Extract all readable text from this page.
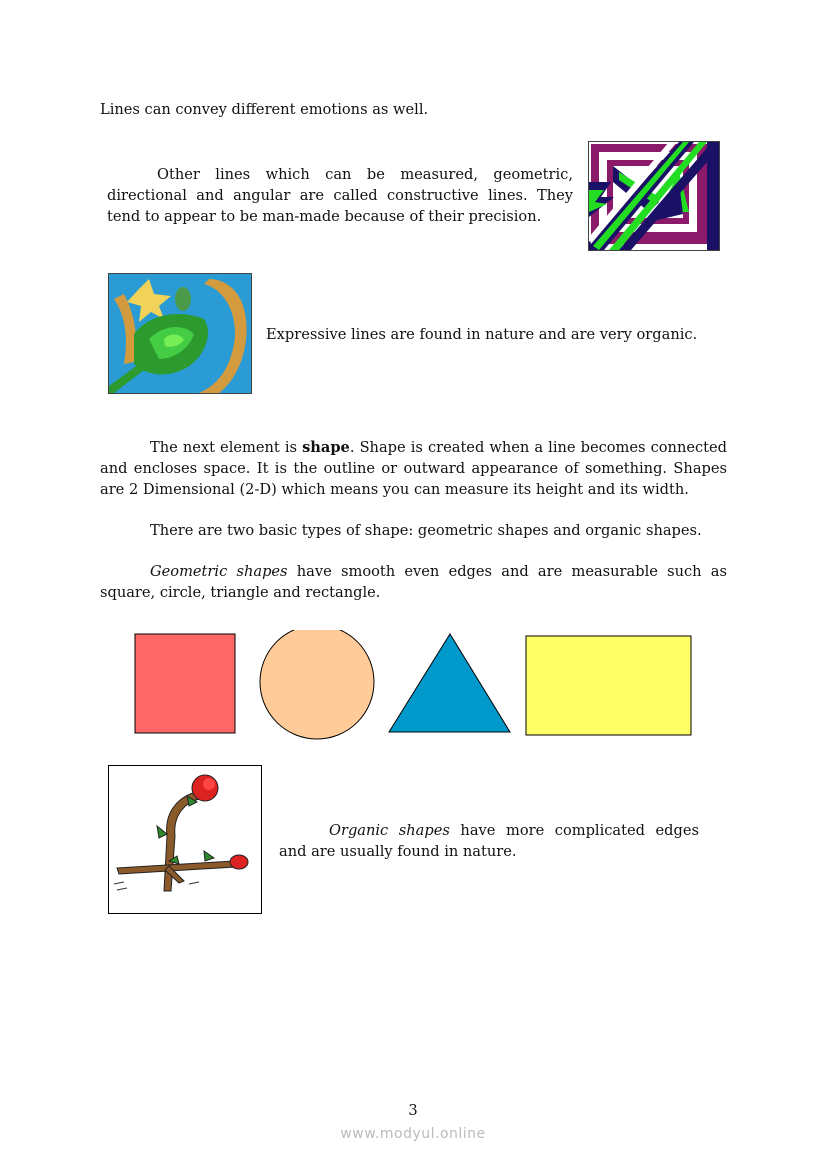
Lines can convey different emotions as well.
Other lines which can be measured, geometric, directional and angular are called constructive lines. They tend to appear to be man-made because of their precision.
Expressive lines are found in nature and are very organic.
The next element is shape. Shape is created when a line becomes connected and encloses space. It is the outline or outward appearance of something. Shapes are 2 Dimensional (2-D) which means you can measure its height and its width.
There are two basic types of shape: geometric shapes and organic shapes.
Geometric shapes have smooth even edges and are measurable such as square, circle, triangle and rectangle.
Organic shapes have more complicated edges and are usually found in nature.
3
www.modyul.online
